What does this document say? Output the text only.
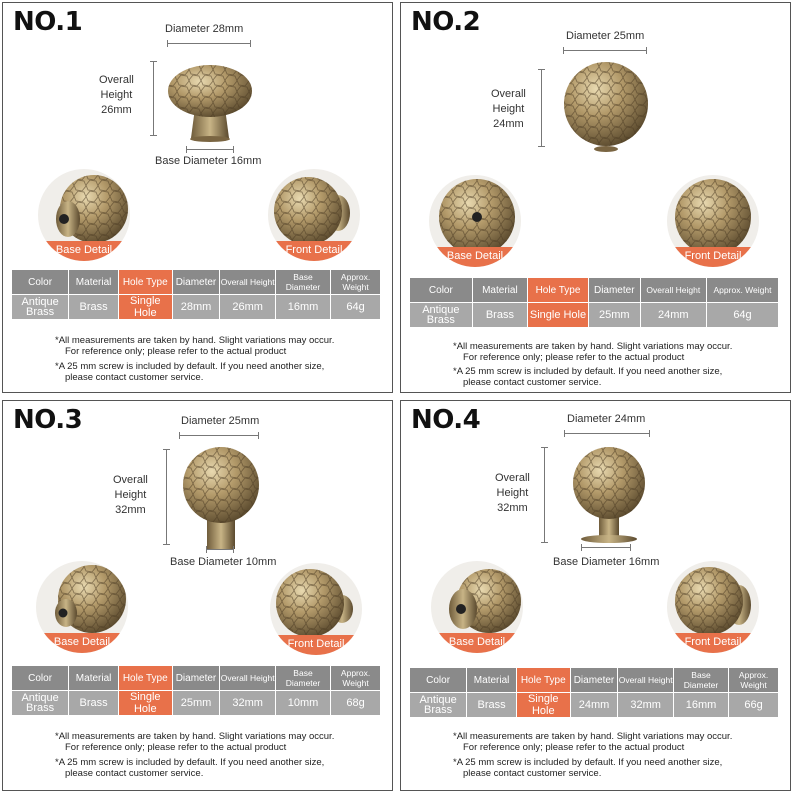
NO.1	Diameter 28mm
Overall
Height
26mm
Base Diameter 16mm
Base Detail	Front Detail
Color	Material	Hole Type	Diameter	Overall Height	Base Diameter	Approx. Weight
Antique Brass	Brass	Single Hole	28mm	26mm	16mm	64g
*All measurements are taken by hand. Slight variations may occur.
For reference only; please refer to the actual product
*A 25 mm screw is included by default. If you need another size,
please contact customer service.
NO.2	Diameter 25mm
Overall
Height
24mm
Base Detail	Front Detail
Color	Material	Hole Type	Diameter	Overall Height	Approx. Weight
Antique Brass	Brass	Single Hole	25mm	24mm	64g
*All measurements are taken by hand. Slight variations may occur.
For reference only; please refer to the actual product
*A 25 mm screw is included by default. If you need another size,
please contact customer service.
NO.3	Diameter 25mm
Overall
Height
32mm
Base Diameter 10mm
Base Detail	Front Detail
Color	Material	Hole Type	Diameter	Overall Height	Base Diameter	Approx. Weight
Antique Brass	Brass	Single Hole	25mm	32mm	10mm	68g
*All measurements are taken by hand. Slight variations may occur.
For reference only; please refer to the actual product
*A 25 mm screw is included by default. If you need another size,
please contact customer service.
NO.4	Diameter 24mm
Overall
Height
32mm
Base Diameter 16mm
Base Detail	Front Detail
Color	Material	Hole Type	Diameter	Overall Height	Base Diameter	Approx. Weight
Antique Brass	Brass	Single Hole	24mm	32mm	16mm	66g
*All measurements are taken by hand. Slight variations may occur.
For reference only; please refer to the actual product
*A 25 mm screw is included by default. If you need another size,
please contact customer service.
